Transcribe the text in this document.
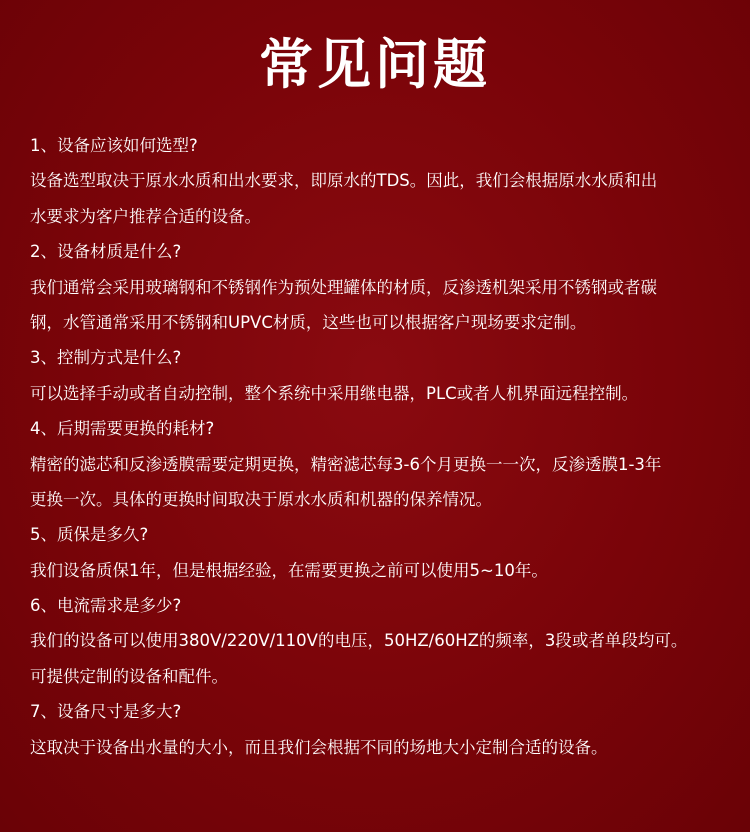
常见问题
1、设备应该如何选型?
设备选型取决于原水水质和出水要求，即原水的TDS。因此，我们会根据原水水质和出
水要求为客户推荐合适的设备。
2、设备材质是什么?
我们通常会采用玻璃钢和不锈钢作为预处理罐体的材质，反渗透机架采用不锈钢或者碳
钢，水管通常采用不锈钢和UPVC材质，这些也可以根据客户现场要求定制。
3、控制方式是什么?
可以选择手动或者自动控制，整个系统中采用继电器，PLC或者人机界面远程控制。
4、后期需要更换的耗材?
精密的滤芯和反渗透膜需要定期更换，精密滤芯每3-6个月更换一一次，反渗透膜1-3年
更换一次。具体的更换时间取决于原水水质和机器的保养情况。
5、质保是多久?
我们设备质保1年，但是根据经验，在需要更换之前可以使用5~10年。
6、电流需求是多少?
我们的设备可以使用380V/220V/110V的电压，50HZ/60HZ的频率，3段或者单段均可。
可提供定制的设备和配件。
7、设备尺寸是多大?
这取决于设备出水量的大小，而且我们会根据不同的场地大小定制合适的设备。
